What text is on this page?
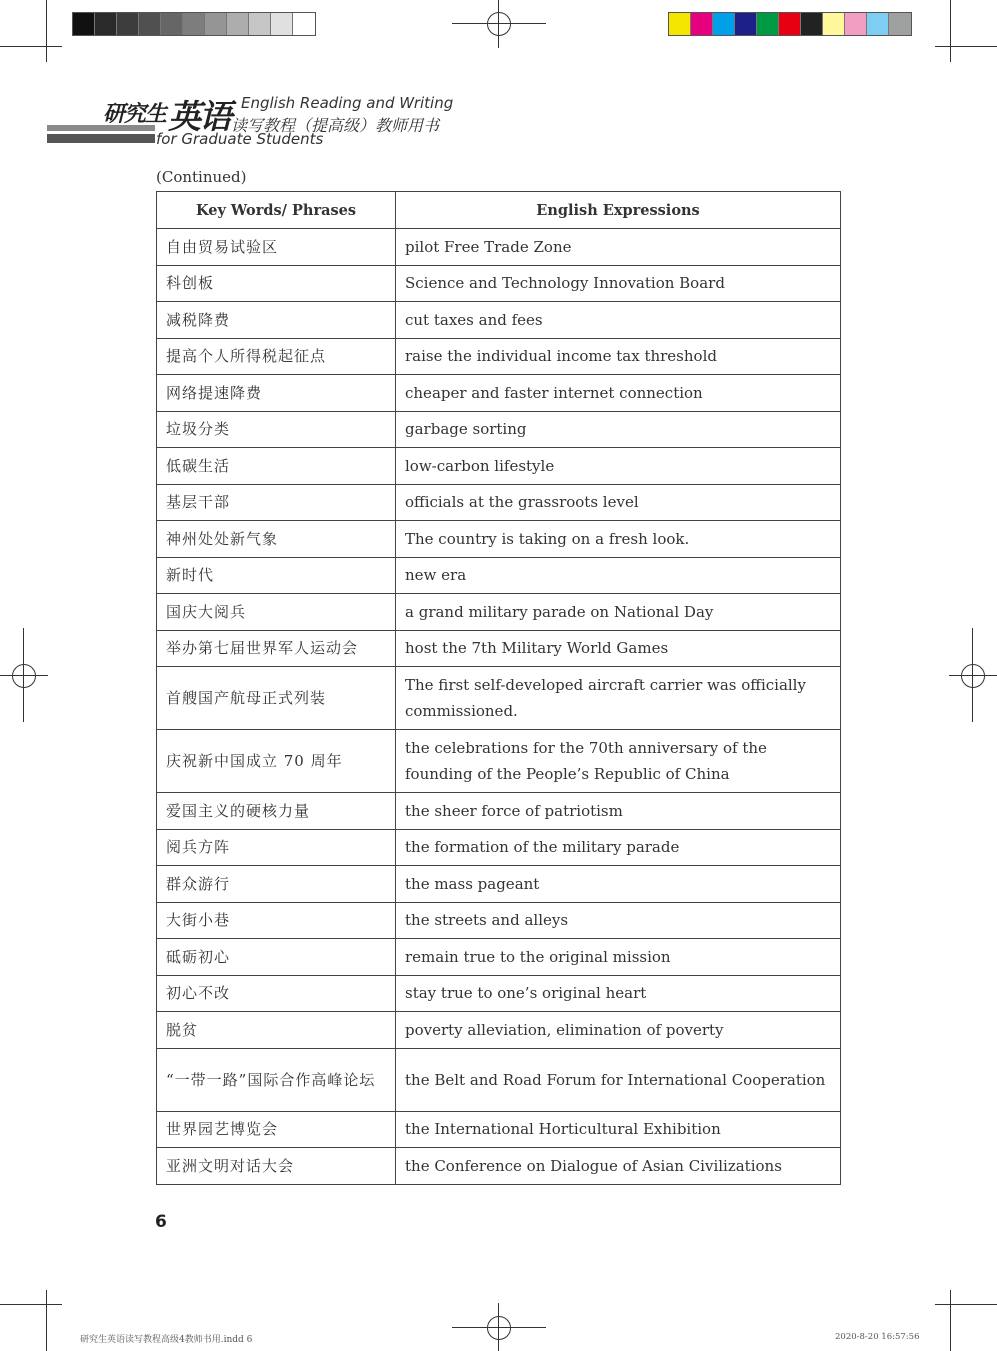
研究生 英语 English Reading and Writing
读写教程（提高级）教师用书
for Graduate Students
(Continued)
Key Words/ Phrases	English Expressions
自由贸易试验区	pilot Free Trade Zone
科创板	Science and Technology Innovation Board
减税降费	cut taxes and fees
提高个人所得税起征点	raise the individual income tax threshold
网络提速降费	cheaper and faster internet connection
垃圾分类	garbage sorting
低碳生活	low-carbon lifestyle
基层干部	officials at the grassroots level
神州处处新气象	The country is taking on a fresh look.
新时代	new era
国庆大阅兵	a grand military parade on National Day
举办第七届世界军人运动会	host the 7th Military World Games
首艘国产航母正式列装	The first self-developed aircraft carrier was officially commissioned.
庆祝新中国成立 70 周年	the celebrations for the 70th anniversary of the founding of the People’s Republic of China
爱国主义的硬核力量	the sheer force of patriotism
阅兵方阵	the formation of the military parade
群众游行	the mass pageant
大街小巷	the streets and alleys
砥砺初心	remain true to the original mission
初心不改	stay true to one’s original heart
脱贫	poverty alleviation, elimination of poverty
“一带一路”国际合作高峰论坛	the Belt and Road Forum for International Cooperation
世界园艺博览会	the International Horticultural Exhibition
亚洲文明对话大会	the Conference on Dialogue of Asian Civilizations
6
研究生英语读写教程高级4教师书用.indd 6	2020-8-20 16:57:56
